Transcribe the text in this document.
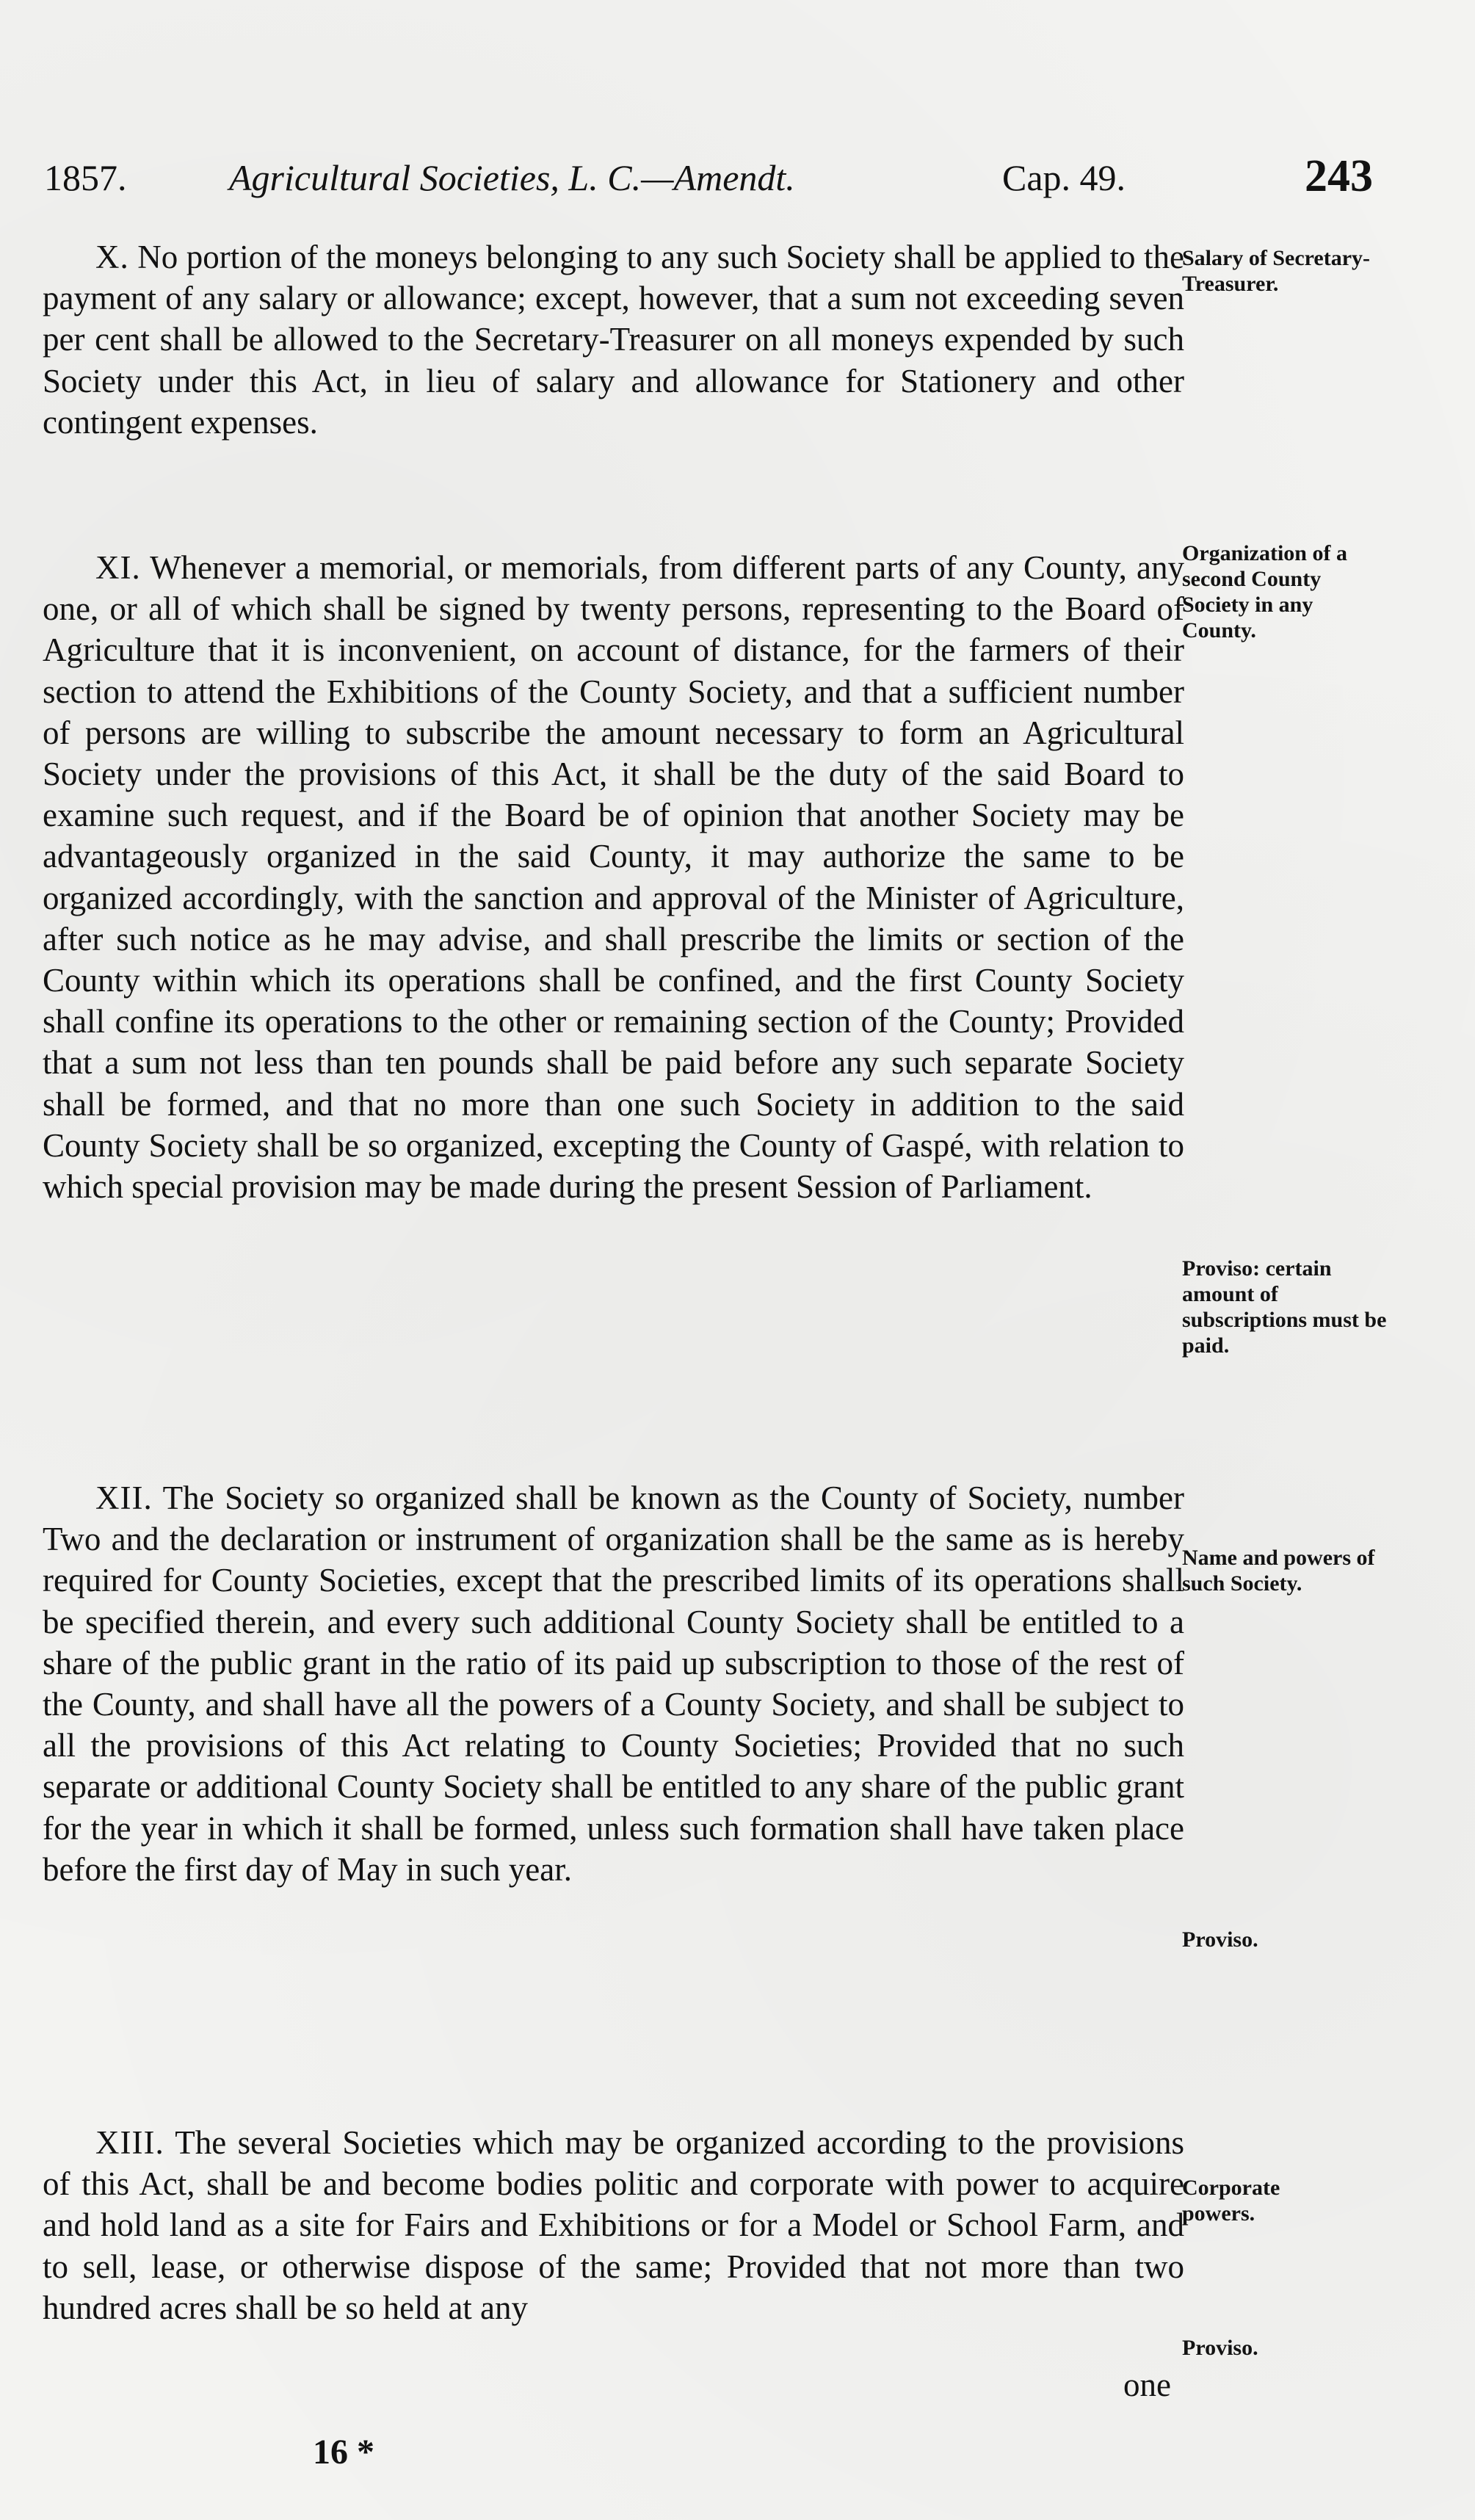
1857.	Agricultural Societies, L. C.—Amendt.	Cap. 49.	243

X. No portion of the moneys belonging to any such Society shall be applied to the payment of any salary or allowance; except, however, that a sum not exceeding seven per cent shall be allowed to the Secretary-Treasurer on all moneys expended by such Society under this Act, in lieu of salary and allowance for Stationery and other contingent expenses.

Salary of Secretary-Treasurer.

XI. Whenever a memorial, or memorials, from different parts of any County, any one, or all of which shall be signed by twenty persons, representing to the Board of Agriculture that it is inconvenient, on account of distance, for the farmers of their section to attend the Exhibitions of the County Society, and that a sufficient number of persons are willing to subscribe the amount necessary to form an Agricultural Society under the provisions of this Act, it shall be the duty of the said Board to examine such request, and if the Board be of opinion that another Society may be advantageously organized in the said County, it may authorize the same to be organized accordingly, with the sanction and approval of the Minister of Agriculture, after such notice as he may advise, and shall prescribe the limits or section of the County within which its operations shall be confined, and the first County Society shall confine its operations to the other or remaining section of the County; Provided that a sum not less than ten pounds shall be paid before any such separate Society shall be formed, and that no more than one such Society in addition to the said County Society shall be so organized, excepting the County of Gaspé, with relation to which special provision may be made during the present Session of Parliament.

Organization of a second County Society in any County.
Proviso: certain amount of subscriptions must be paid.

XII. The Society so organized shall be known as the County of Society, number Two and the declaration or instrument of organization shall be the same as is hereby required for County Societies, except that the prescribed limits of its operations shall be specified therein, and every such additional County Society shall be entitled to a share of the public grant in the ratio of its paid up subscription to those of the rest of the County, and shall have all the powers of a County Society, and shall be subject to all the provisions of this Act relating to County Societies; Provided that no such separate or additional County Society shall be entitled to any share of the public grant for the year in which it shall be formed, unless such formation shall have taken place before the first day of May in such year.

Name and powers of such Society.
Proviso.

XIII. The several Societies which may be organized according to the provisions of this Act, shall be and become bodies politic and corporate with power to acquire and hold land as a site for Fairs and Exhibitions or for a Model or School Farm, and to sell, lease, or otherwise dispose of the same; Provided that not more than two hundred acres shall be so held at any

Corporate powers.
Proviso.
one
16 *
